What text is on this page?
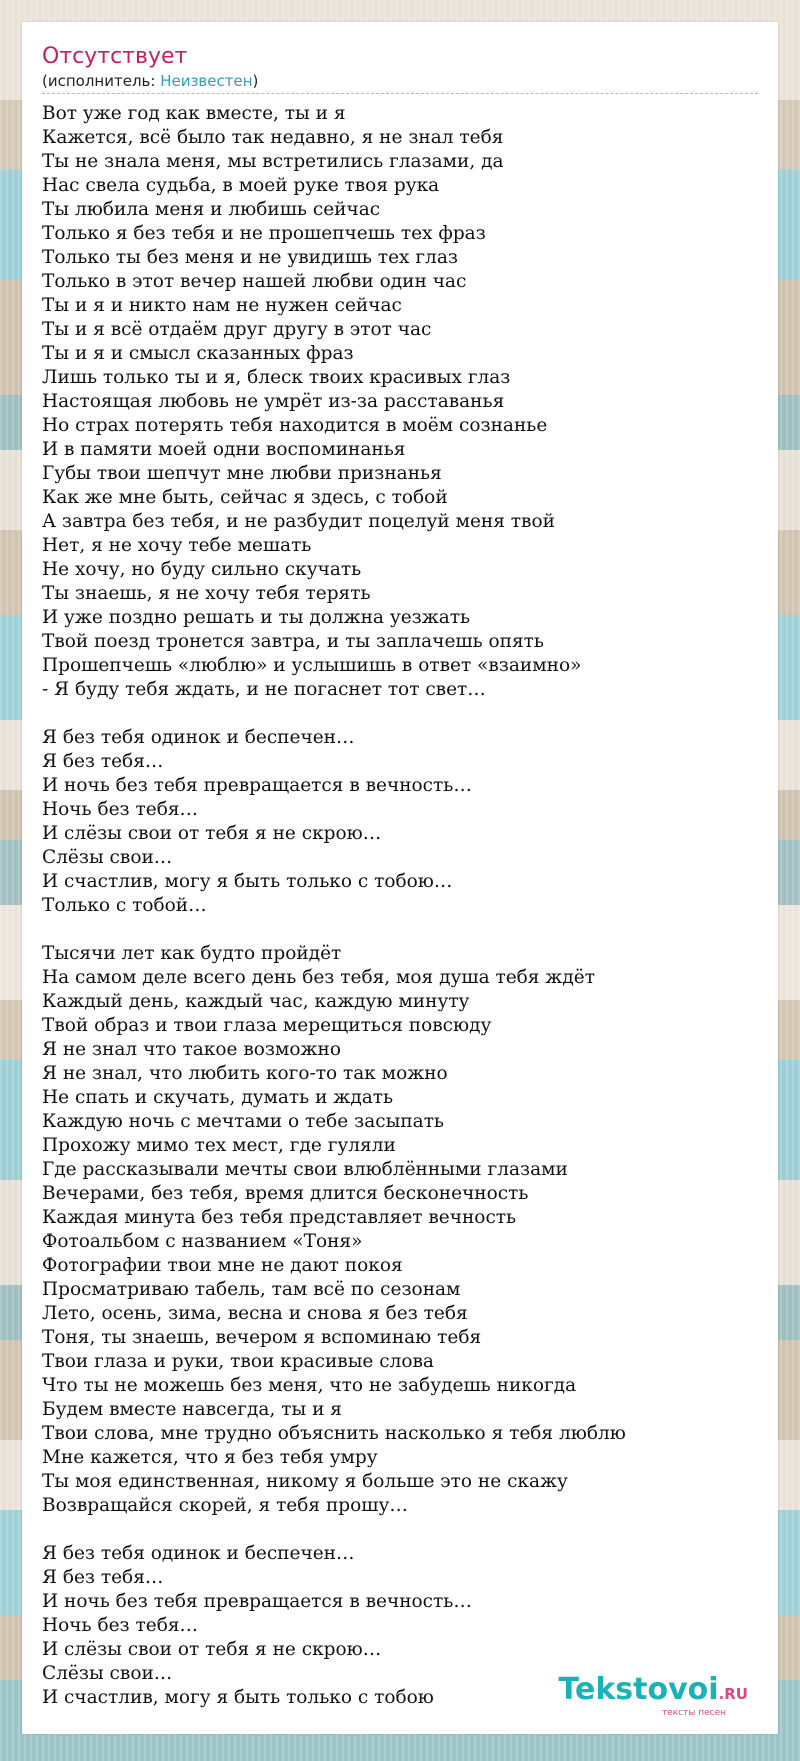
Отсутствует
(исполнитель: Неизвестен)
Вот уже год как вместе, ты и я
Кажется, всё было так недавно, я не знал тебя
Ты не знала меня, мы встретились глазами, да
Нас свела судьба, в моей руке твоя рука
Ты любила меня и любишь сейчас
Только я без тебя и не прошепчешь тех фраз
Только ты без меня и не увидишь тех глаз
Только в этот вечер нашей любви один час
Ты и я и никто нам не нужен сейчас
Ты и я всё отдаём друг другу в этот час
Ты и я и смысл сказанных фраз
Лишь только ты и я, блеск твоих красивых глаз
Настоящая любовь не умрёт из-за расставанья
Но страх потерять тебя находится в моём сознанье
И в памяти моей одни воспоминанья
Губы твои шепчут мне любви признанья
Как же мне быть, сейчас я здесь, с тобой
А завтра без тебя, и не разбудит поцелуй меня твой
Нет, я не хочу тебе мешать
Не хочу, но буду сильно скучать
Ты знаешь, я не хочу тебя терять
И уже поздно решать и ты должна уезжать
Твой поезд тронется завтра, и ты заплачешь опять
Прошепчешь «люблю» и услышишь в ответ «взаимно»
- Я буду тебя ждать, и не погаснет тот свет…
Я без тебя одинок и беспечен…
Я без тебя…
И ночь без тебя превращается в вечность…
Ночь без тебя…
И слёзы свои от тебя я не скрою…
Слёзы свои…
И счастлив, могу я быть только с тобою…
Только с тобой…
Тысячи лет как будто пройдёт
На самом деле всего день без тебя, моя душа тебя ждёт
Каждый день, каждый час, каждую минуту
Твой образ и твои глаза мерещиться повсюду
Я не знал что такое возможно
Я не знал, что любить кого-то так можно
Не спать и скучать, думать и ждать
Каждую ночь с мечтами о тебе засыпать
Прохожу мимо тех мест, где гуляли
Где рассказывали мечты свои влюблёнными глазами
Вечерами, без тебя, время длится бесконечность
Каждая минута без тебя представляет вечность
Фотоальбом с названием «Тоня»
Фотографии твои мне не дают покоя
Просматриваю табель, там всё по сезонам
Лето, осень, зима, весна и снова я без тебя
Тоня, ты знаешь, вечером я вспоминаю тебя
Твои глаза и руки, твои красивые слова
Что ты не можешь без меня, что не забудешь никогда
Будем вместе навсегда, ты и я
Твои слова, мне трудно объяснить насколько я тебя люблю
Мне кажется, что я без тебя умру
Ты моя единственная, никому я больше это не скажу
Возвращайся скорей, я тебя прошу…
Я без тебя одинок и беспечен…
Я без тебя…
И ночь без тебя превращается в вечность…
Ночь без тебя…
И слёзы свои от тебя я не скрою…
Слёзы свои…
И счастлив, могу я быть только с тобою	Tekstovoi.RU
тексты песен
